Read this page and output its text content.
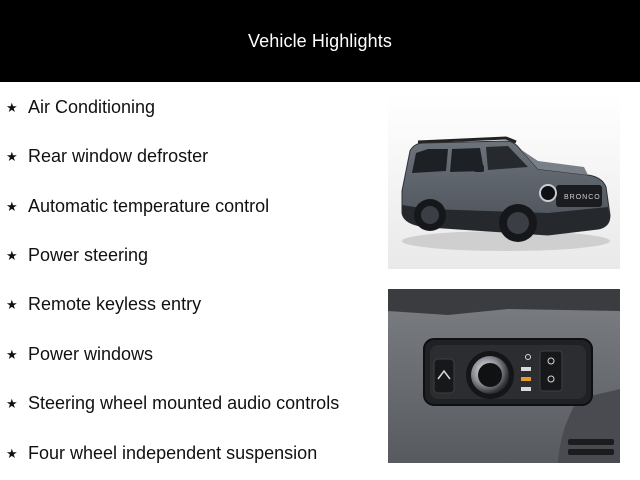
Vehicle Highlights
★ Air Conditioning
★ Rear window defroster
★ Automatic temperature control
★ Power steering
★ Remote keyless entry
★ Power windows
★ Steering wheel mounted audio controls
★ Four wheel independent suspension
BRONCO
